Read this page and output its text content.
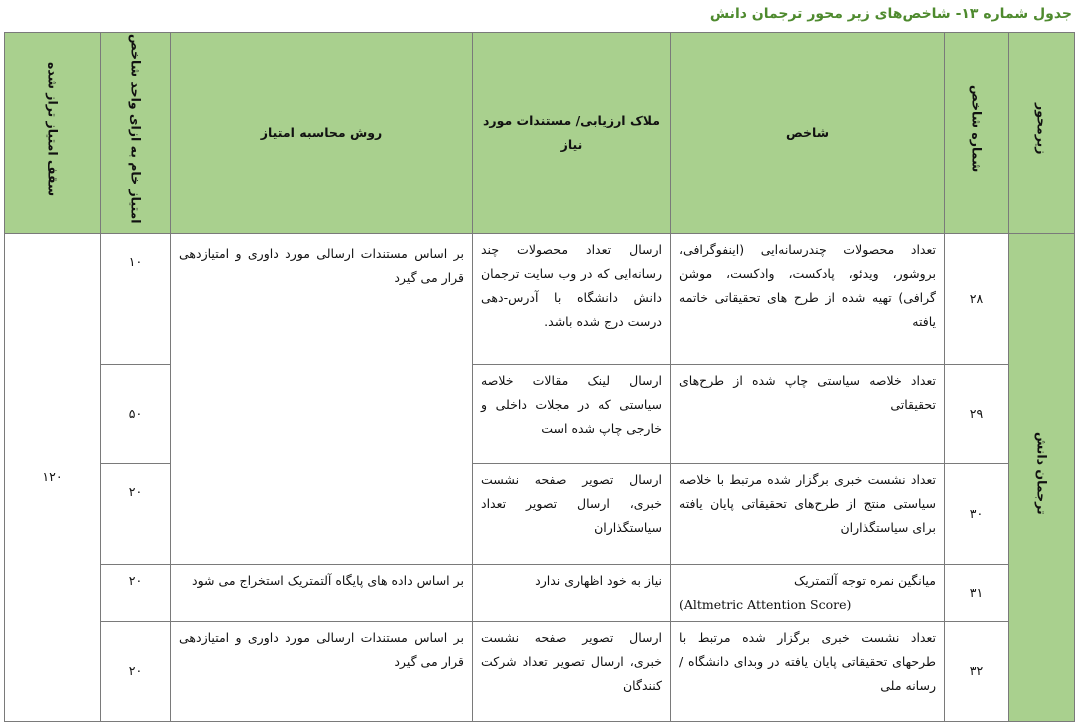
جدول شماره ۱۳- شاخص‌های زیر محور ترجمان دانش
زیرمحور	شماره شاخص	شاخص	ملاک ارزیابی/ مستندات مورد نیاز	روش محاسبه امتیاز	امتیاز خام به ازای واحد شاخص	سقف امتیاز تراز شده
ترجمان دانش	۲۸	تعداد محصولات چندرسانه‌ایی (اینفوگرافی، بروشور، ویدئو، پادکست، وادکست، موشن گرافی) تهیه شده از طرح های تحقیقاتی خاتمه یافته	ارسال تعداد محصولات چند رسانه‌ایی که در وب سایت ترجمان دانش دانشگاه با آدرس-دهی درست درج شده باشد.	بر اساس مستندات ارسالی مورد داوری و امتیازدهی قرار می گیرد	۱۰	۱۲۰
	۲۹	تعداد خلاصه سیاستی چاپ شده از طرح‌های تحقیقاتی	ارسال لینک مقالات خلاصه سیاستی که در مجلات داخلی و خارجی چاپ شده است		۵۰	
	۳۰	تعداد نشست خبری برگزار شده مرتبط با خلاصه سیاستی منتج از طرح‌های تحقیقاتی پایان یافته برای سیاستگذاران	ارسال تصویر صفحه نشست خبری، ارسال تصویر تعداد سیاستگذاران		۲۰	
	۳۱	میانگین نمره توجه آلتمتریک
(Altmetric Attention Score)	نیاز به خود اظهاری ندارد	بر اساس داده های پایگاه آلتمتریک استخراج می شود	۲۰	
	۳۲	تعداد نشست خبری برگزار شده مرتبط با طرحهای تحقیقاتی پایان یافته در وبدای دانشگاه / رسانه ملی	ارسال تصویر صفحه نشست خبری، ارسال تصویر تعداد شرکت کنندگان	بر اساس مستندات ارسالی مورد داوری و امتیازدهی قرار می گیرد	۲۰	
